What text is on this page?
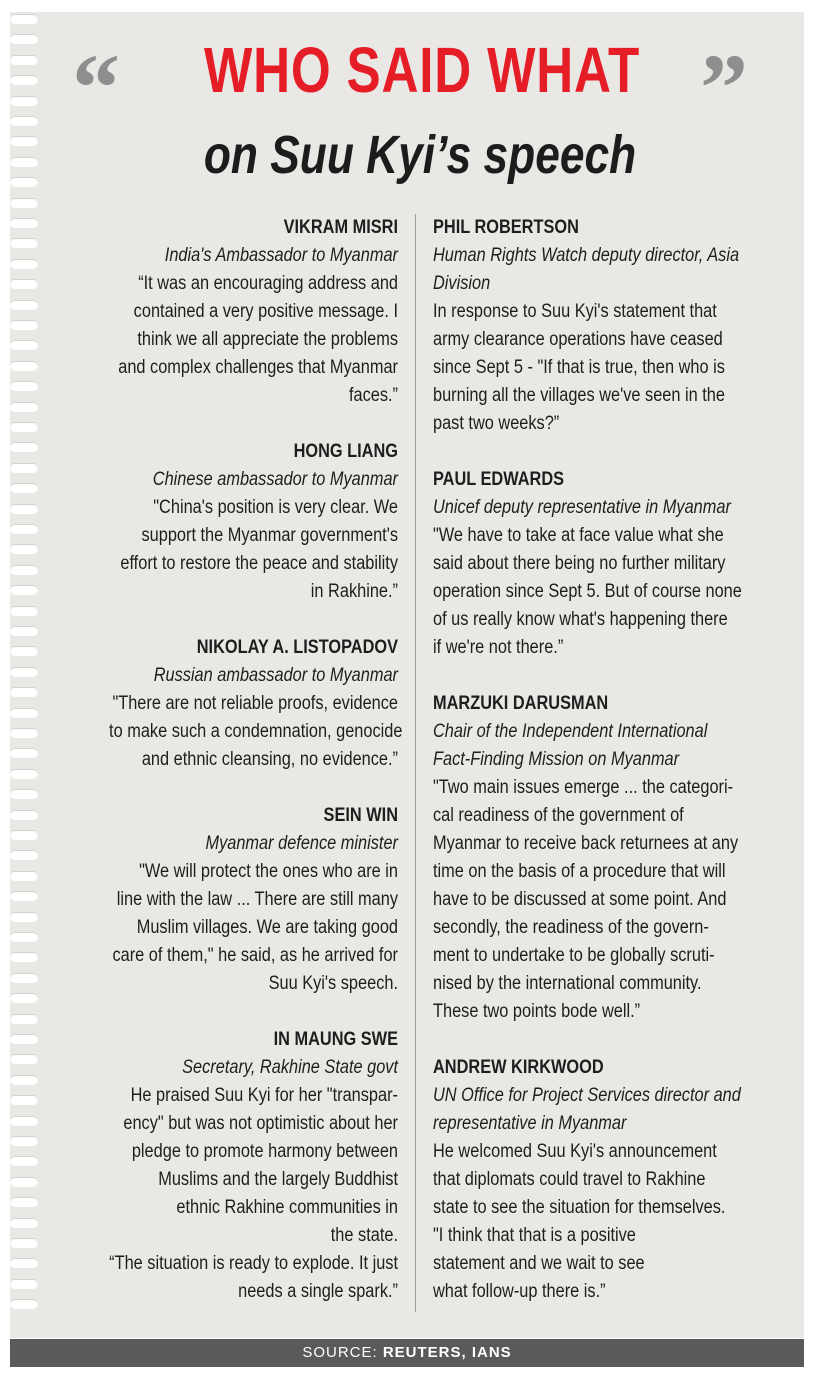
“	”
WHO SAID WHAT
on Suu Kyi’s speech
VIKRAM MISRI
India's Ambassador to Myanmar
“It was an encouraging address and
contained a very positive message. I
think we all appreciate the problems
and complex challenges that Myanmar
faces.”
HONG LIANG
Chinese ambassador to Myanmar
"China's position is very clear. We
support the Myanmar government's
effort to restore the peace and stability
in Rakhine.”
NIKOLAY A. LISTOPADOV
Russian ambassador to Myanmar
"There are not reliable proofs, evidence
to make such a condemnation, genocide
and ethnic cleansing, no evidence.”
SEIN WIN
Myanmar defence minister
"We will protect the ones who are in
line with the law ... There are still many
Muslim villages. We are taking good
care of them," he said, as he arrived for
Suu Kyi's speech.
IN MAUNG SWE
Secretary, Rakhine State govt
He praised Suu Kyi for her "transpar-
ency" but was not optimistic about her
pledge to promote harmony between
Muslims and the largely Buddhist
ethnic Rakhine communities in
the state.
“The situation is ready to explode. It just
needs a single spark.”
PHIL ROBERTSON
Human Rights Watch deputy director, Asia
Division
In response to Suu Kyi's statement that
army clearance operations have ceased
since Sept 5 - "If that is true, then who is
burning all the villages we've seen in the
past two weeks?”
PAUL EDWARDS
Unicef deputy representative in Myanmar
"We have to take at face value what she
said about there being no further military
operation since Sept 5. But of course none
of us really know what's happening there
if we're not there.”
MARZUKI DARUSMAN
Chair of the Independent International
Fact-Finding Mission on Myanmar
"Two main issues emerge ... the categori-
cal readiness of the government of
Myanmar to receive back returnees at any
time on the basis of a procedure that will
have to be discussed at some point. And
secondly, the readiness of the govern-
ment to undertake to be globally scruti-
nised by the international community.
These two points bode well.”
ANDREW KIRKWOOD
UN Office for Project Services director and
representative in Myanmar
He welcomed Suu Kyi's announcement
that diplomats could travel to Rakhine
state to see the situation for themselves.
"I think that that is a positive
statement and we wait to see
what follow-up there is.”
SOURCE: REUTERS, IANS
